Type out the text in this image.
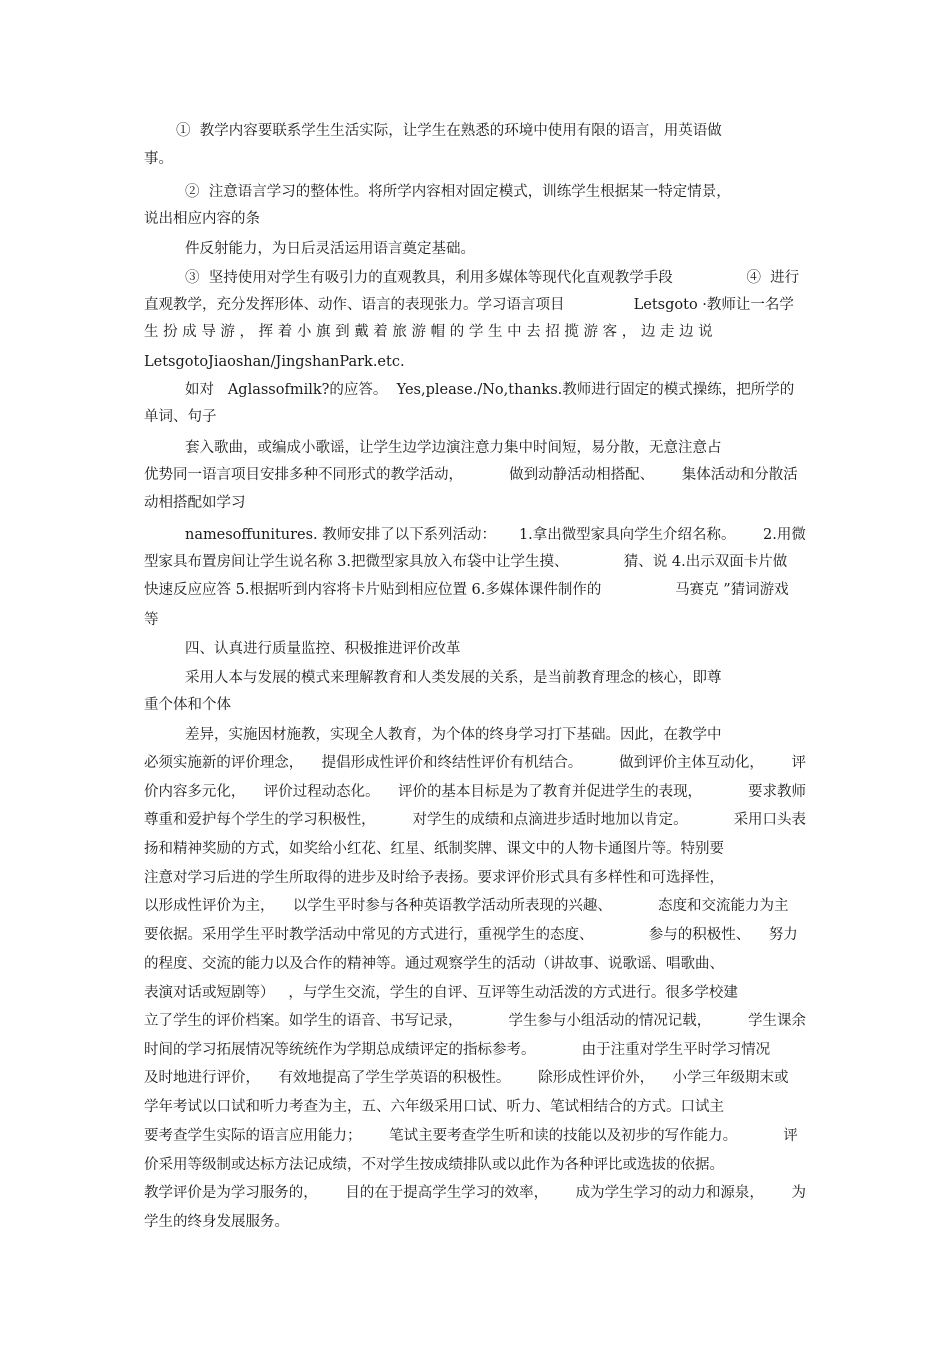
①  教学内容要联系学生生活实际，让学生在熟悉的环境中使用有限的语言，用英语做
事。
②  注意语言学习的整体性。将所学内容相对固定模式，训练学生根据某一特定情景，
说出相应内容的条
件反射能力，为日后灵活运用语言奠定基础。
③  坚持使用对学生有吸引力的直观教具，利用多媒体等现代化直观教学手段                ④  进行
直观教学，充分发挥形体、动作、语言的表现张力。学习语言项目               Letsgoto ·教师让一名学
生 扮 成 导 游 ， 挥 着 小 旗 到 戴 着 旅 游 帽 的 学 生 中 去 招 揽 游 客 ， 边 走 边 说
LetsgotoJiaoshan/JingshanPark.etc.
如对   Aglassofmilk?的应答。  Yes,please./No,thanks.教师进行固定的模式操练，把所学的
单词、句子
套入歌曲，或编成小歌谣，让学生边学边演注意力集中时间短，易分散，无意注意占
优势同一语言项目安排多种不同形式的教学活动，          做到动静活动相搭配、      集体活动和分散活
动相搭配如学习
namesoffunitures. 教师安排了以下系列活动：     1.拿出微型家具向学生介绍名称。      2.用微
型家具布置房间让学生说名称 3.把微型家具放入布袋中让学生摸、            猜、说 4.出示双面卡片做
快速反应应答 5.根据听到内容将卡片贴到相应位置 6.多媒体课件制作的                马赛克 ”猜词游戏
等
四、认真进行质量监控、积极推进评价改革
采用人本与发展的模式来理解教育和人类发展的关系，是当前教育理念的核心，即尊
重个体和个体
差异，实施因材施教，实现全人教育，为个体的终身学习打下基础。因此，在教学中
必须实施新的评价理念，    提倡形成性评价和终结性评价有机结合。        做到评价主体互动化，      评
价内容多元化，    评价过程动态化。    评价的基本目标是为了教育并促进学生的表现，          要求教师
尊重和爱护每个学生的学习积极性，        对学生的成绩和点滴进步适时地加以肯定。          采用口头表
扬和精神奖励的方式，如奖给小红花、红星、纸制奖牌、课文中的人物卡通图片等。特别要
注意对学习后进的学生所取得的进步及时给予表扬。要求评价形式具有多样性和可选择性，
以形成性评价为主，    以学生平时参与各种英语教学活动所表现的兴趣、          态度和交流能力为主
要依据。采用学生平时教学活动中常见的方式进行，重视学生的态度、            参与的积极性、    努力
的程度、交流的能力以及合作的精神等。通过观察学生的活动（讲故事、说歌谣、唱歌曲、
表演对话或短剧等）   ，与学生交流，学生的自评、互评等生动活泼的方式进行。很多学校建
立了学生的评价档案。如学生的语音、书写记录，          学生参与小组活动的情况记载，        学生课余
时间的学习拓展情况等统统作为学期总成绩评定的指标参考。          由于注重对学生平时学习情况
及时地进行评价，    有效地提高了学生学英语的积极性。      除形成性评价外，    小学三年级期末或
学年考试以口试和听力考查为主，五、六年级采用口试、听力、笔试相结合的方式。口试主
要考查学生实际的语言应用能力；      笔试主要考查学生听和读的技能以及初步的写作能力。          评
价采用等级制或达标方法记成绩，不对学生按成绩排队或以此作为各种评比或选拔的依据。
教学评价是为学习服务的，      目的在于提高学生学习的效率，      成为学生学习的动力和源泉，      为
学生的终身发展服务。
